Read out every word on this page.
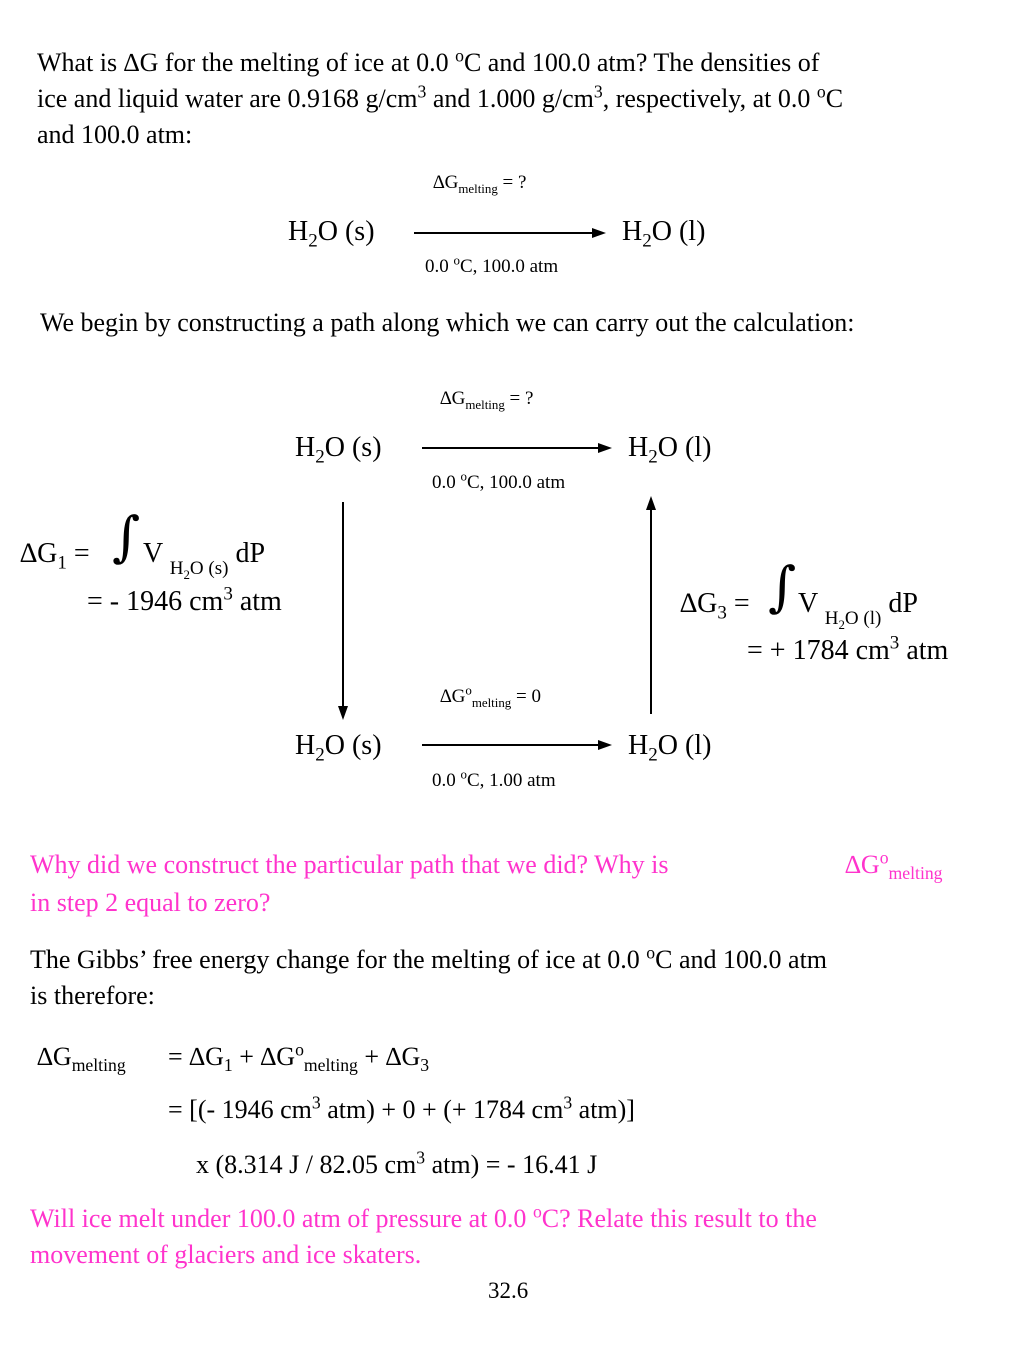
What is ∆G for the melting of ice at 0.0 $^o$C and 100.0 atm? The densities of
ice and liquid water are 0.9168 $g/cm^3$ and 1.000 $g/cm^3$, respectively, at 0.0 $^o$C
and 100.0 atm:
$\Delta G_{melting}$ = ?
$H_2O$ (s)	$H_2O$ (l)
0.0 $^o$C, 100.0 atm
We begin by constructing a path along which we can carry out the calculation:
$\Delta G_{melting}$ = ?
$H_2O$ (s)	$H_2O$ (l)
0.0 $^o$C, 100.0 atm
$\Delta G_1$ = ∫ V $_{H_2O (s)}$ dP
= - 1946 $cm^3$ atm	$\Delta G_3$ = ∫ V $_{H_2O (l)}$ dP
= + 1784 $cm^3$ atm
$\Delta G^o_{melting} = 0$
$H_2O$ (s)	$H_2O$ (l)
0.0 $^o$C, 1.00 atm
Why did we construct the particular path that we did? Why is	$\Delta G^o_{melting}$
in step 2 equal to zero?
The Gibbs’ free energy change for the melting of ice at 0.0 $^o$C and 100.0 atm
is therefore:
$\Delta G_{melting} = \Delta G_1 + \Delta G^o_{melting} + \Delta G_3$
= [(- 1946 $cm^3$ atm) + 0 + (+ 1784 $cm^3$ atm)]
x (8.314 J / 82.05 $cm^3$ atm) = - 16.41 J
Will ice melt under 100.0 atm of pressure at 0.0 $^o$C? Relate this result to the
movement of glaciers and ice skaters.
32.6
